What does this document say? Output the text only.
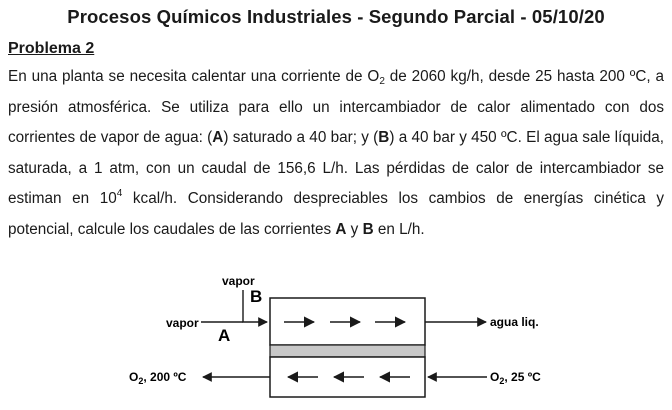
Procesos Químicos Industriales - Segundo Parcial - 05/10/20
Problema 2

En una planta se necesita calentar una corriente de $O_2$ de 2060 kg/h, desde 25 hasta 200 ºC, a presión atmosférica. Se utiliza para ello un intercambiador de calor alimentado con dos corrientes de vapor de agua: (A) saturado a 40 bar; y (B) a 40 bar y 450 ºC. El agua sale líquida, saturada, a 1 atm, con un caudal de 156,6 L/h. Las pérdidas de calor de intercambiador se estiman en $10^4$ kcal/h. Considerando despreciables los cambios de energías cinética y potencial, calcule los caudales de las corrientes A y B en L/h.

vapor
B
vapor
A
agua liq.
$O_2$, 25 ºC
$O_2$, 200 ºC
